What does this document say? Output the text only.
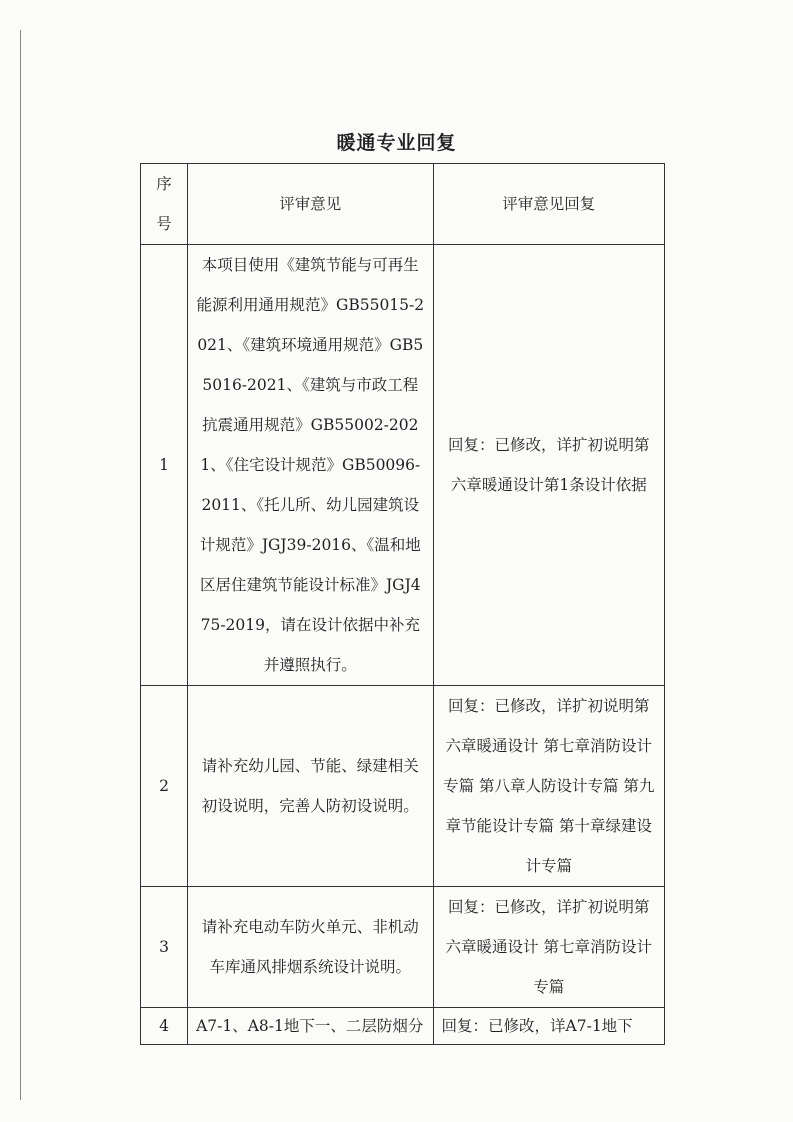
暖通专业回复
序号	评审意见	评审意见回复
1	本项目使用《建筑节能与可再生能源利用通用规范》GB55015-2021、《建筑环境通用规范》GB55016-2021、《建筑与市政工程抗震通用规范》GB55002-2021、《住宅设计规范》GB50096-2011、《托儿所、幼儿园建筑设计规范》JGJ39-2016、《温和地区居住建筑节能设计标准》JGJ475-2019，请在设计依据中补充并遵照执行。	回复：已修改，详扩初说明第六章暖通设计第1条设计依据

2	请补充幼儿园、节能、绿建相关初设说明，完善人防初设说明。	回复：已修改，详扩初说明第六章暖通设计 第七章消防设计专篇 第八章人防设计专篇 第九章节能设计专篇 第十章绿建设计专篇

3	请补充电动车防火单元、非机动车库通风排烟系统设计说明。	回复：已修改，详扩初说明第六章暖通设计 第七章消防设计专篇

4	A7-1、A8-1地下一、二层防烟分	回复：已修改，详A7-1地下
